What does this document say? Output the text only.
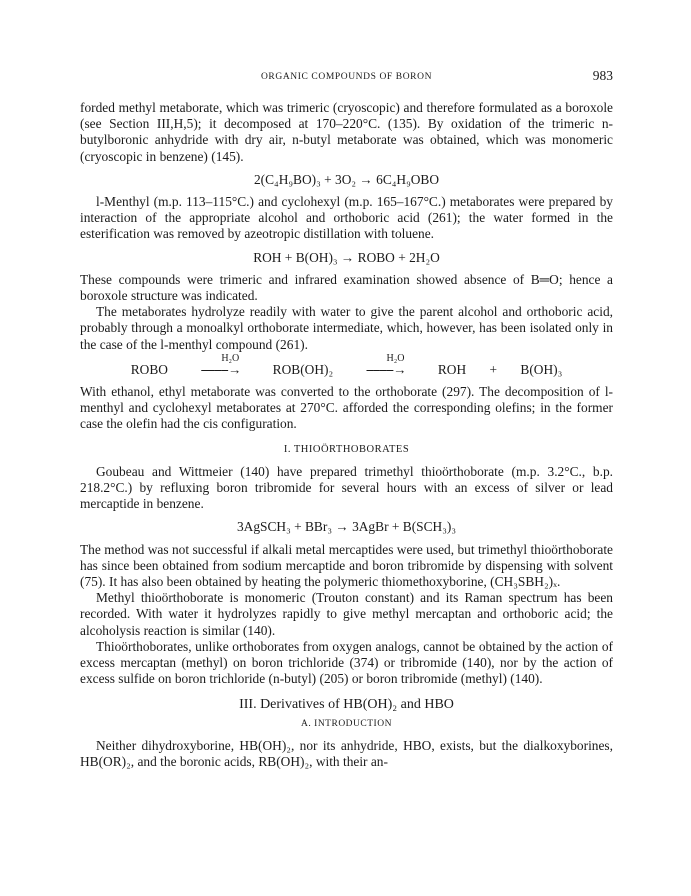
ORGANIC COMPOUNDS OF BORON	983

forded methyl metaborate, which was trimeric (cryoscopic) and therefore formulated as a boroxole (see Section III,H,5); it decomposed at 170–220°C. (135). By oxidation of the trimeric n-butylboronic anhydride with dry air, n-butyl metaborate was obtained, which was monomeric (cryoscopic in benzene) (145).

2(C₄H₉BO)₃ + 3O₂ → 6C₄H₉OBO

l-Menthyl (m.p. 113–115°C.) and cyclohexyl (m.p. 165–167°C.) metaborates were prepared by interaction of the appropriate alcohol and orthoboric acid (261); the water formed in the esterification was removed by azeotropic distillation with toluene.

ROH + B(OH)₃ → ROBO + 2H₂O

These compounds were trimeric and infrared examination showed absence of B═O; hence a boroxole structure was indicated.

The metaborates hydrolyze readily with water to give the parent alcohol and orthoboric acid, probably through a monoalkyl orthoborate intermediate, which, however, has been isolated only in the case of the l-menthyl compound (261).

ROBO
H₂O
⎯⎯⎯⎯→ ROB(OH)₂
H₂O
⎯⎯⎯⎯→ ROH + B(OH)₃

With ethanol, ethyl metaborate was converted to the orthoborate (297). The decomposition of l-menthyl and cyclohexyl metaborates at 270°C. afforded the corresponding olefins; in the former case the olefin had the cis configuration.

I. THIOÖRTHOBORATES

Goubeau and Wittmeier (140) have prepared trimethyl thioörthoborate (m.p. 3.2°C., b.p. 218.2°C.) by refluxing boron tribromide for several hours with an excess of silver or lead mercaptide in benzene.

3AgSCH₃ + BBr₃ → 3AgBr + B(SCH₃)₃

The method was not successful if alkali metal mercaptides were used, but trimethyl thioörthoborate has since been obtained from sodium mercaptide and boron tribromide by dispensing with solvent (75). It has also been obtained by heating the polymeric thiomethoxyborine, (CH₃SBH₂)ₓ.

Methyl thioörthoborate is monomeric (Trouton constant) and its Raman spectrum has been recorded. With water it hydrolyzes rapidly to give methyl mercaptan and orthoboric acid; the alcoholysis reaction is similar (140).

Thioörthoborates, unlike orthoborates from oxygen analogs, cannot be obtained by the action of excess mercaptan (methyl) on boron trichloride (374) or tribromide (140), nor by the action of excess sulfide on boron trichloride (n-butyl) (205) or boron tribromide (methyl) (140).

III. Derivatives of HB(OH)₂ and HBO
A. INTRODUCTION

Neither dihydroxyborine, HB(OH)₂, nor its anhydride, HBO, exists, but the dialkoxyborines, HB(OR)₂, and the boronic acids, RB(OH)₂, with their an-
